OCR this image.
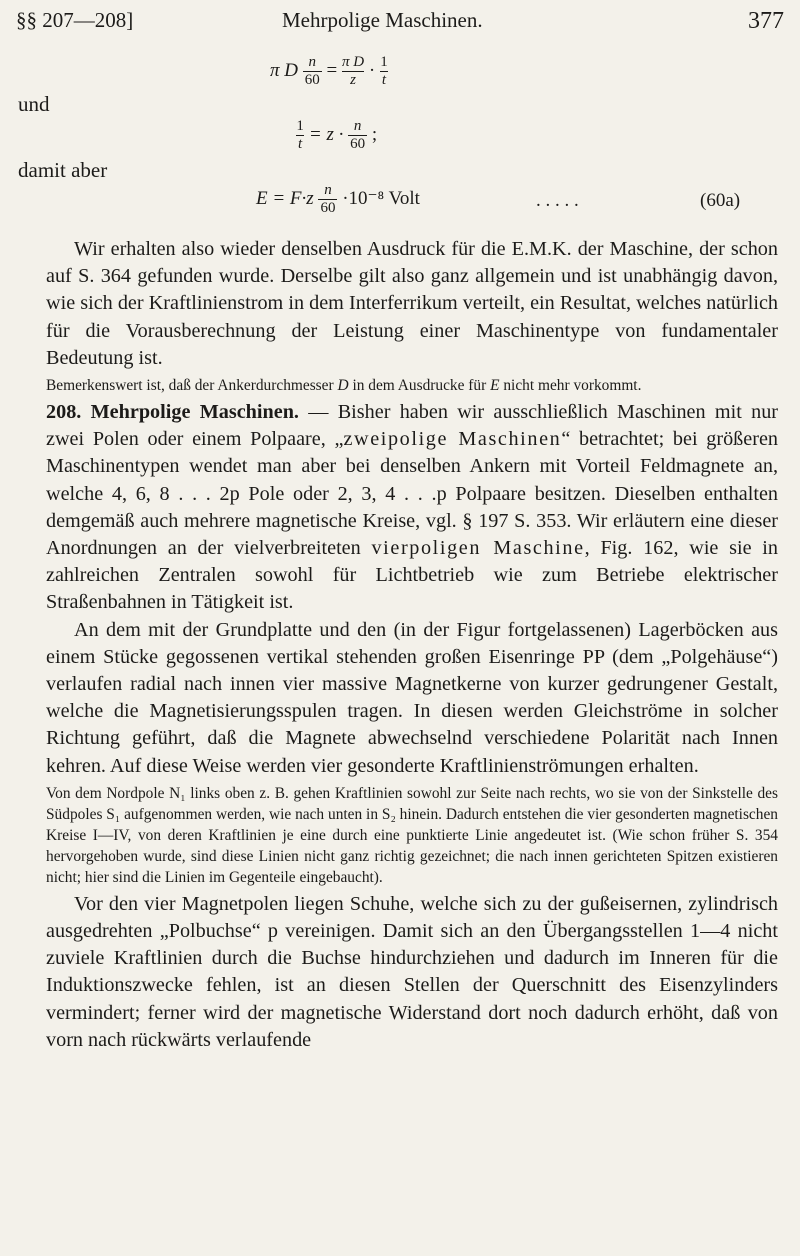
§§ 207—208]	Mehrpolige Maschinen.	377
π D $\frac{n}{60} = \frac{\text{π D}}{z} \cdot \frac{1}{t}$
und
$\frac{1}{t} = z \cdot \frac{n}{60}$ ;
damit aber
$E = F\cdot z \frac{n}{60} \cdot 10^{-8}$ Volt	. . . . .	(60a)

Wir erhalten also wieder denselben Ausdruck für die E.M.K. der Maschine, der schon auf S. 364 gefunden wurde. Derselbe gilt also ganz allgemein und ist unabhängig davon, wie sich der Kraftlinienstrom in dem Interferrikum verteilt, ein Resultat, welches natürlich für die Vorausberechnung der Leistung einer Maschinentype von fundamentaler Bedeutung ist.

Bemerkenswert ist, daß der Ankerdurchmesser D in dem Ausdrucke für E nicht mehr vorkommt.

208. Mehrpolige Maschinen. — Bisher haben wir ausschließlich Maschinen mit nur zwei Polen oder einem Polpaare, „zweipolige Maschinen“ betrachtet; bei größeren Maschinentypen wendet man aber bei denselben Ankern mit Vorteil Feldmagnete an, welche 4, 6, 8 . . . 2p Pole oder 2, 3, 4 . . .p Polpaare besitzen. Dieselben enthalten demgemäß auch mehrere magnetische Kreise, vgl. § 197 S. 353. Wir erläutern eine dieser Anordnungen an der vielverbreiteten vierpoligen Maschine, Fig. 162, wie sie in zahlreichen Zentralen sowohl für Lichtbetrieb wie zum Betriebe elektrischer Straßenbahnen in Tätigkeit ist.

An dem mit der Grundplatte und den (in der Figur fortgelassenen) Lagerböcken aus einem Stücke gegossenen vertikal stehenden großen Eisenringe PP (dem „Polgehäuse“) verlaufen radial nach innen vier massive Magnetkerne von kurzer gedrungener Gestalt, welche die Magnetisierungsspulen tragen. In diesen werden Gleichströme in solcher Richtung geführt, daß die Magnete abwechselnd verschiedene Polarität nach Innen kehren. Auf diese Weise werden vier gesonderte Kraftlinienströmungen erhalten.

Von dem Nordpole N₁ links oben z. B. gehen Kraftlinien sowohl zur Seite nach rechts, wo sie von der Sinkstelle des Südpoles S₁ aufgenommen werden, wie nach unten in S₂ hinein. Dadurch entstehen die vier gesonderten magnetischen Kreise I—IV, von deren Kraftlinien je eine durch eine punktierte Linie angedeutet ist. (Wie schon früher S. 354 hervorgehoben wurde, sind diese Linien nicht ganz richtig gezeichnet; die nach innen gerichteten Spitzen existieren nicht; hier sind die Linien im Gegenteile eingebaucht).

Vor den vier Magnetpolen liegen Schuhe, welche sich zu der gußeisernen, zylindrisch ausgedrehten „Polbuchse“ p vereinigen. Damit sich an den Übergangsstellen 1—4 nicht zuviele Kraftlinien durch die Buchse hindurchziehen und dadurch im Inneren für die Induktionszwecke fehlen, ist an diesen Stellen der Querschnitt des Eisenzylinders vermindert; ferner wird der magnetische Widerstand dort noch dadurch erhöht, daß von vorn nach rückwärts verlaufende
